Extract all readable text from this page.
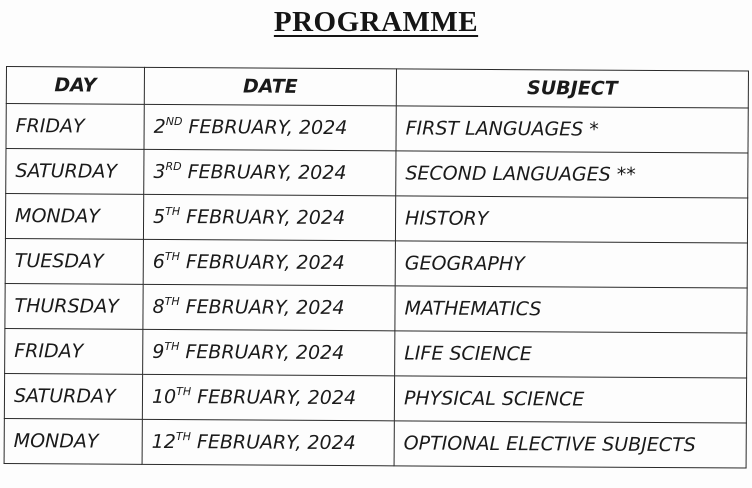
PROGRAMME
DAY	DATE	SUBJECT
FRIDAY	2ND FEBRUARY, 2024	FIRST LANGUAGES *
SATURDAY	3RD FEBRUARY, 2024	SECOND LANGUAGES **
MONDAY	5TH FEBRUARY, 2024	HISTORY
TUESDAY	6TH FEBRUARY, 2024	GEOGRAPHY
THURSDAY	8TH FEBRUARY, 2024	MATHEMATICS
FRIDAY	9TH FEBRUARY, 2024	LIFE SCIENCE
SATURDAY	10TH FEBRUARY, 2024	PHYSICAL SCIENCE
MONDAY	12TH FEBRUARY, 2024	OPTIONAL ELECTIVE SUBJECTS
